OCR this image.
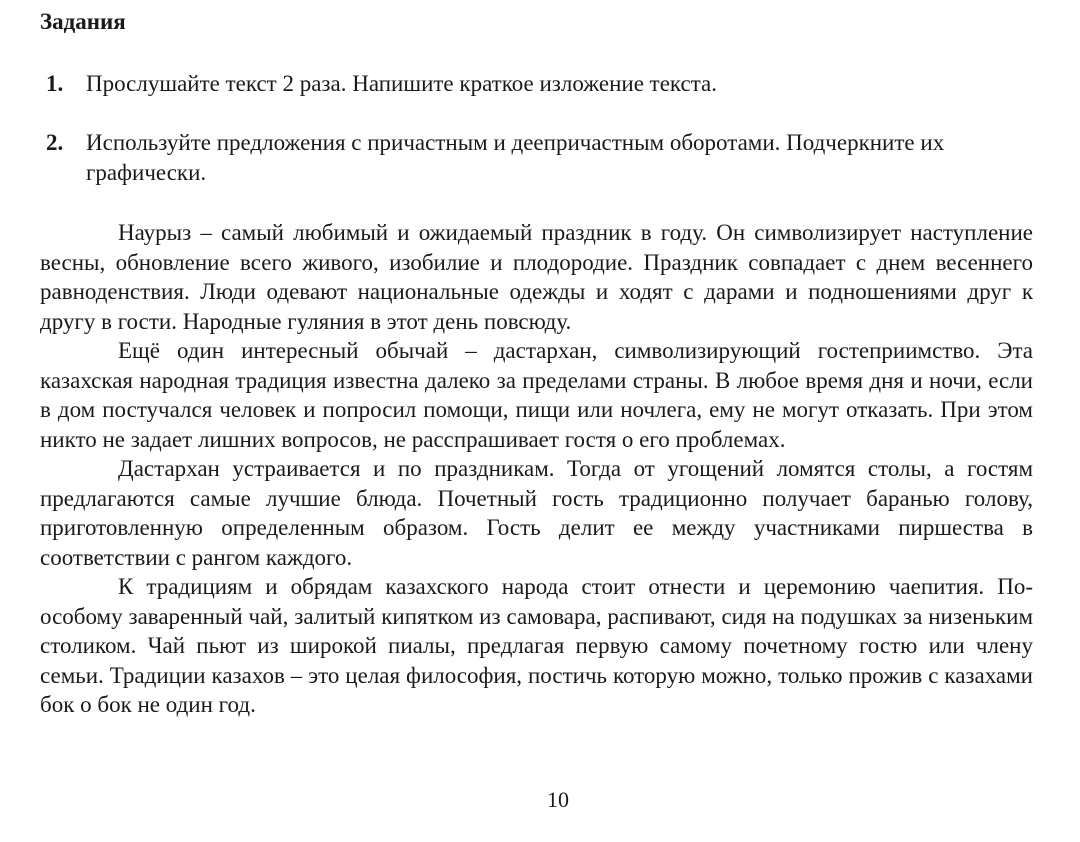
Задания
1. Прослушайте текст 2 раза. Напишите краткое изложение текста.
2. Используйте предложения с причастным и деепричастным оборотами. Подчеркните их графически.

Наурыз – самый любимый и ожидаемый праздник в году. Он символизирует наступление весны, обновление всего живого, изобилие и плодородие. Праздник совпадает с днем весеннего равноденствия. Люди одевают национальные одежды и ходят с дарами и подношениями друг к другу в гости. Народные гуляния в этот день повсюду.

Ещё один интересный обычай – дастархан, символизирующий гостеприимство. Эта казахская народная традиция известна далеко за пределами страны. В любое время дня и ночи, если в дом постучался человек и попросил помощи, пищи или ночлега, ему не могут отказать. При этом никто не задает лишних вопросов, не расспрашивает гостя о его проблемах.

Дастархан устраивается и по праздникам. Тогда от угощений ломятся столы, а гостям предлагаются самые лучшие блюда. Почетный гость традиционно получает баранью голову, приготовленную определенным образом. Гость делит ее между участниками пиршества в соответствии с рангом каждого.

К традициям и обрядам казахского народа стоит отнести и церемонию чаепития. По-особому заваренный чай, залитый кипятком из самовара, распивают, сидя на подушках за низеньким столиком. Чай пьют из широкой пиалы, предлагая первую самому почетному гостю или члену семьи. Традиции казахов – это целая философия, постичь которую можно, только прожив с казахами бок о бок не один год.

10
